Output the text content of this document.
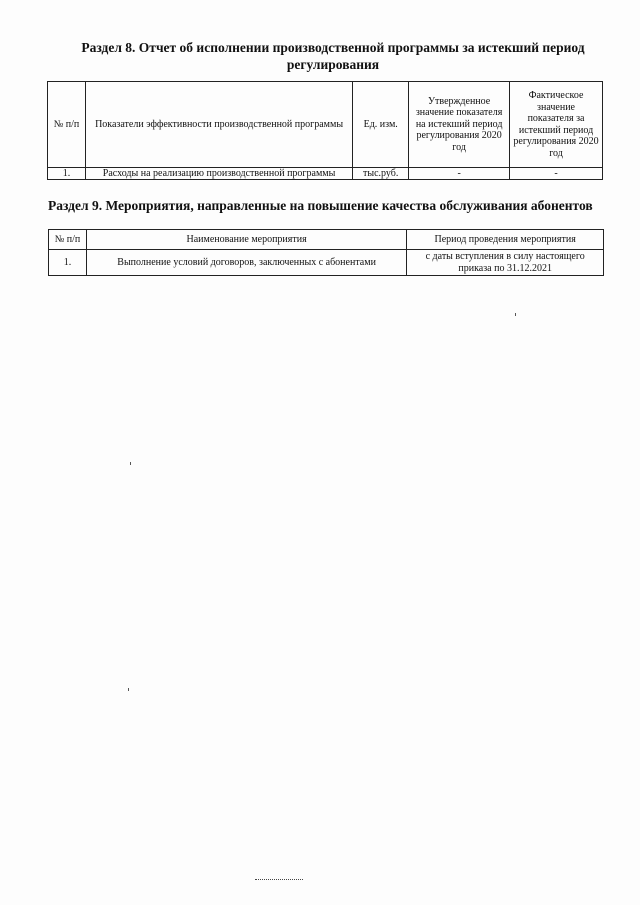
Раздел 8. Отчет об исполнении производственной программы за истекший период
регулирования
№ п/п	Показатели эффективности производственной программы	Ед. изм.	Утвержденное значение показателя на истекший период регулирования 2020 год	Фактическое значение показателя за истекший период регулирования 2020 год
1.	Расходы на реализацию производственной программы	тыс.руб.	-	-
Раздел 9. Мероприятия, направленные на повышение качества обслуживания абонентов
№ п/п	Наименование мероприятия	Период проведения мероприятия
1.	Выполнение условий договоров, заключенных с абонентами	с даты вступления в силу настоящего приказа по 31.12.2021
